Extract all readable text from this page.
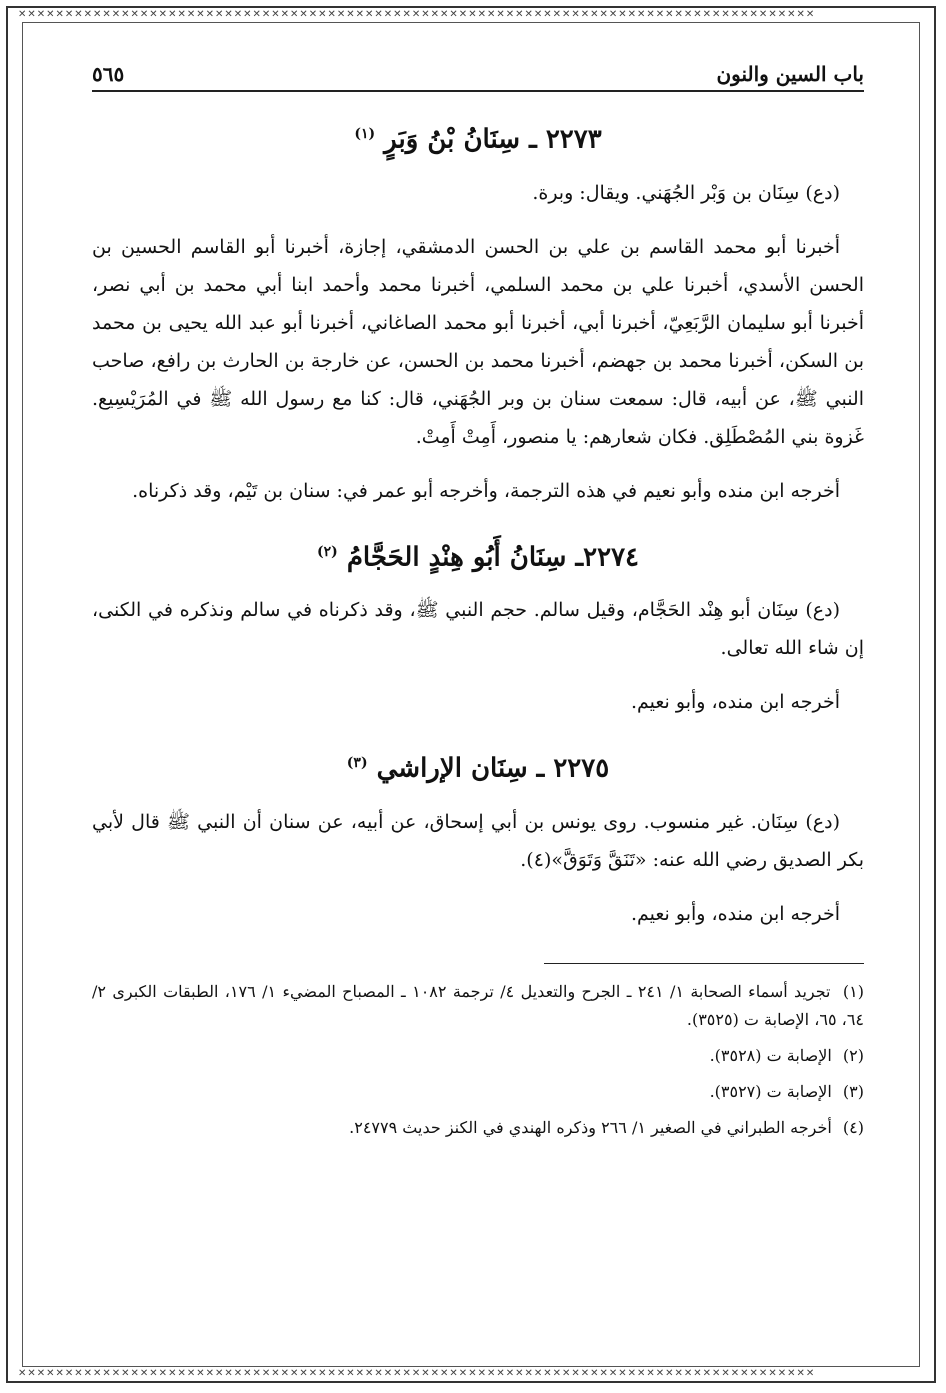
✕✕✕✕✕✕✕✕✕✕✕✕✕✕✕✕✕✕✕✕✕✕✕✕✕✕✕✕✕✕✕✕✕✕✕✕✕✕✕✕✕✕✕✕✕✕✕✕✕✕✕✕✕✕✕✕✕✕✕✕✕✕✕✕✕✕✕✕✕✕✕✕✕✕✕✕✕✕✕✕✕✕✕✕✕
✕✕✕✕✕✕✕✕✕✕✕✕✕✕✕✕✕✕✕✕✕✕✕✕✕✕✕✕✕✕✕✕✕✕✕✕✕✕✕✕✕✕✕✕✕✕✕✕✕✕✕✕✕✕✕✕✕✕✕✕✕✕✕✕✕✕✕✕✕✕✕✕✕✕✕✕✕✕✕✕✕✕✕✕✕
باب السين والنون
٥٦٥
٢٢٧٣ ـ سِنَانُ بْنُ وَبَرٍ $^{(١)}$

(دع) سِنَان بن وَبْر الجُهَني. ويقال: وبرة.

أخبرنا أبو محمد القاسم بن علي بن الحسن الدمشقي، إجازة، أخبرنا أبو القاسم الحسين بن الحسن الأسدي، أخبرنا علي بن محمد السلمي، أخبرنا محمد وأحمد ابنا أبي محمد بن أبي نصر، أخبرنا أبو سليمان الرَّبَعِيّ، أخبرنا أبي، أخبرنا أبو محمد الصاغاني، أخبرنا أبو عبد الله يحيى بن محمد بن السكن، أخبرنا محمد بن جهضم، أخبرنا محمد بن الحسن، عن خارجة بن الحارث بن رافع، صاحب النبي ﷺ، عن أبيه، قال: سمعت سنان بن وبر الجُهَني، قال: كنا مع رسول الله ﷺ في المُرَيْسِيع. غَزوة بني المُصْطَلِق. فكان شعارهم: يا منصور، أَمِتْ أَمِتْ.

أخرجه ابن منده وأبو نعيم في هذه الترجمة، وأخرجه أبو عمر في: سنان بن تَيْم، وقد ذكرناه.

٢٢٧٤ـ سِنَانُ أَبُو هِنْدٍ الحَجَّامُ $^{(٢)}$

(دع) سِنَان أبو هِنْد الحَجَّام، وقيل سالم. حجم النبي ﷺ، وقد ذكرناه في سالم ونذكره في الكنى، إن شاء الله تعالى.

أخرجه ابن منده، وأبو نعيم.

٢٢٧٥ ـ سِنَان الإراشي $^{(٣)}$

(دع) سِنَان. غير منسوب. روى يونس بن أبي إسحاق، عن أبيه، عن سنان أن النبي ﷺ قال لأبي بكر الصديق رضي الله عنه: «تَنَقَّ وَتَوَقَّ»(٤).

أخرجه ابن منده، وأبو نعيم.

(١) تجريد أسماء الصحابة ١/ ٢٤١ ـ الجرح والتعديل ٤/ ترجمة ١٠٨٢ ـ المصباح المضيء ١/ ١٧٦، الطبقات الكبرى ٢/ ٦٤، ٦٥، الإصابة ت (٣٥٢٥).
(٢) الإصابة ت (٣٥٢٨).
(٣) الإصابة ت (٣٥٢٧).
(٤) أخرجه الطبراني في الصغير ١/ ٢٦٦ وذكره الهندي في الكنز حديث ٢٤٧٧٩.
